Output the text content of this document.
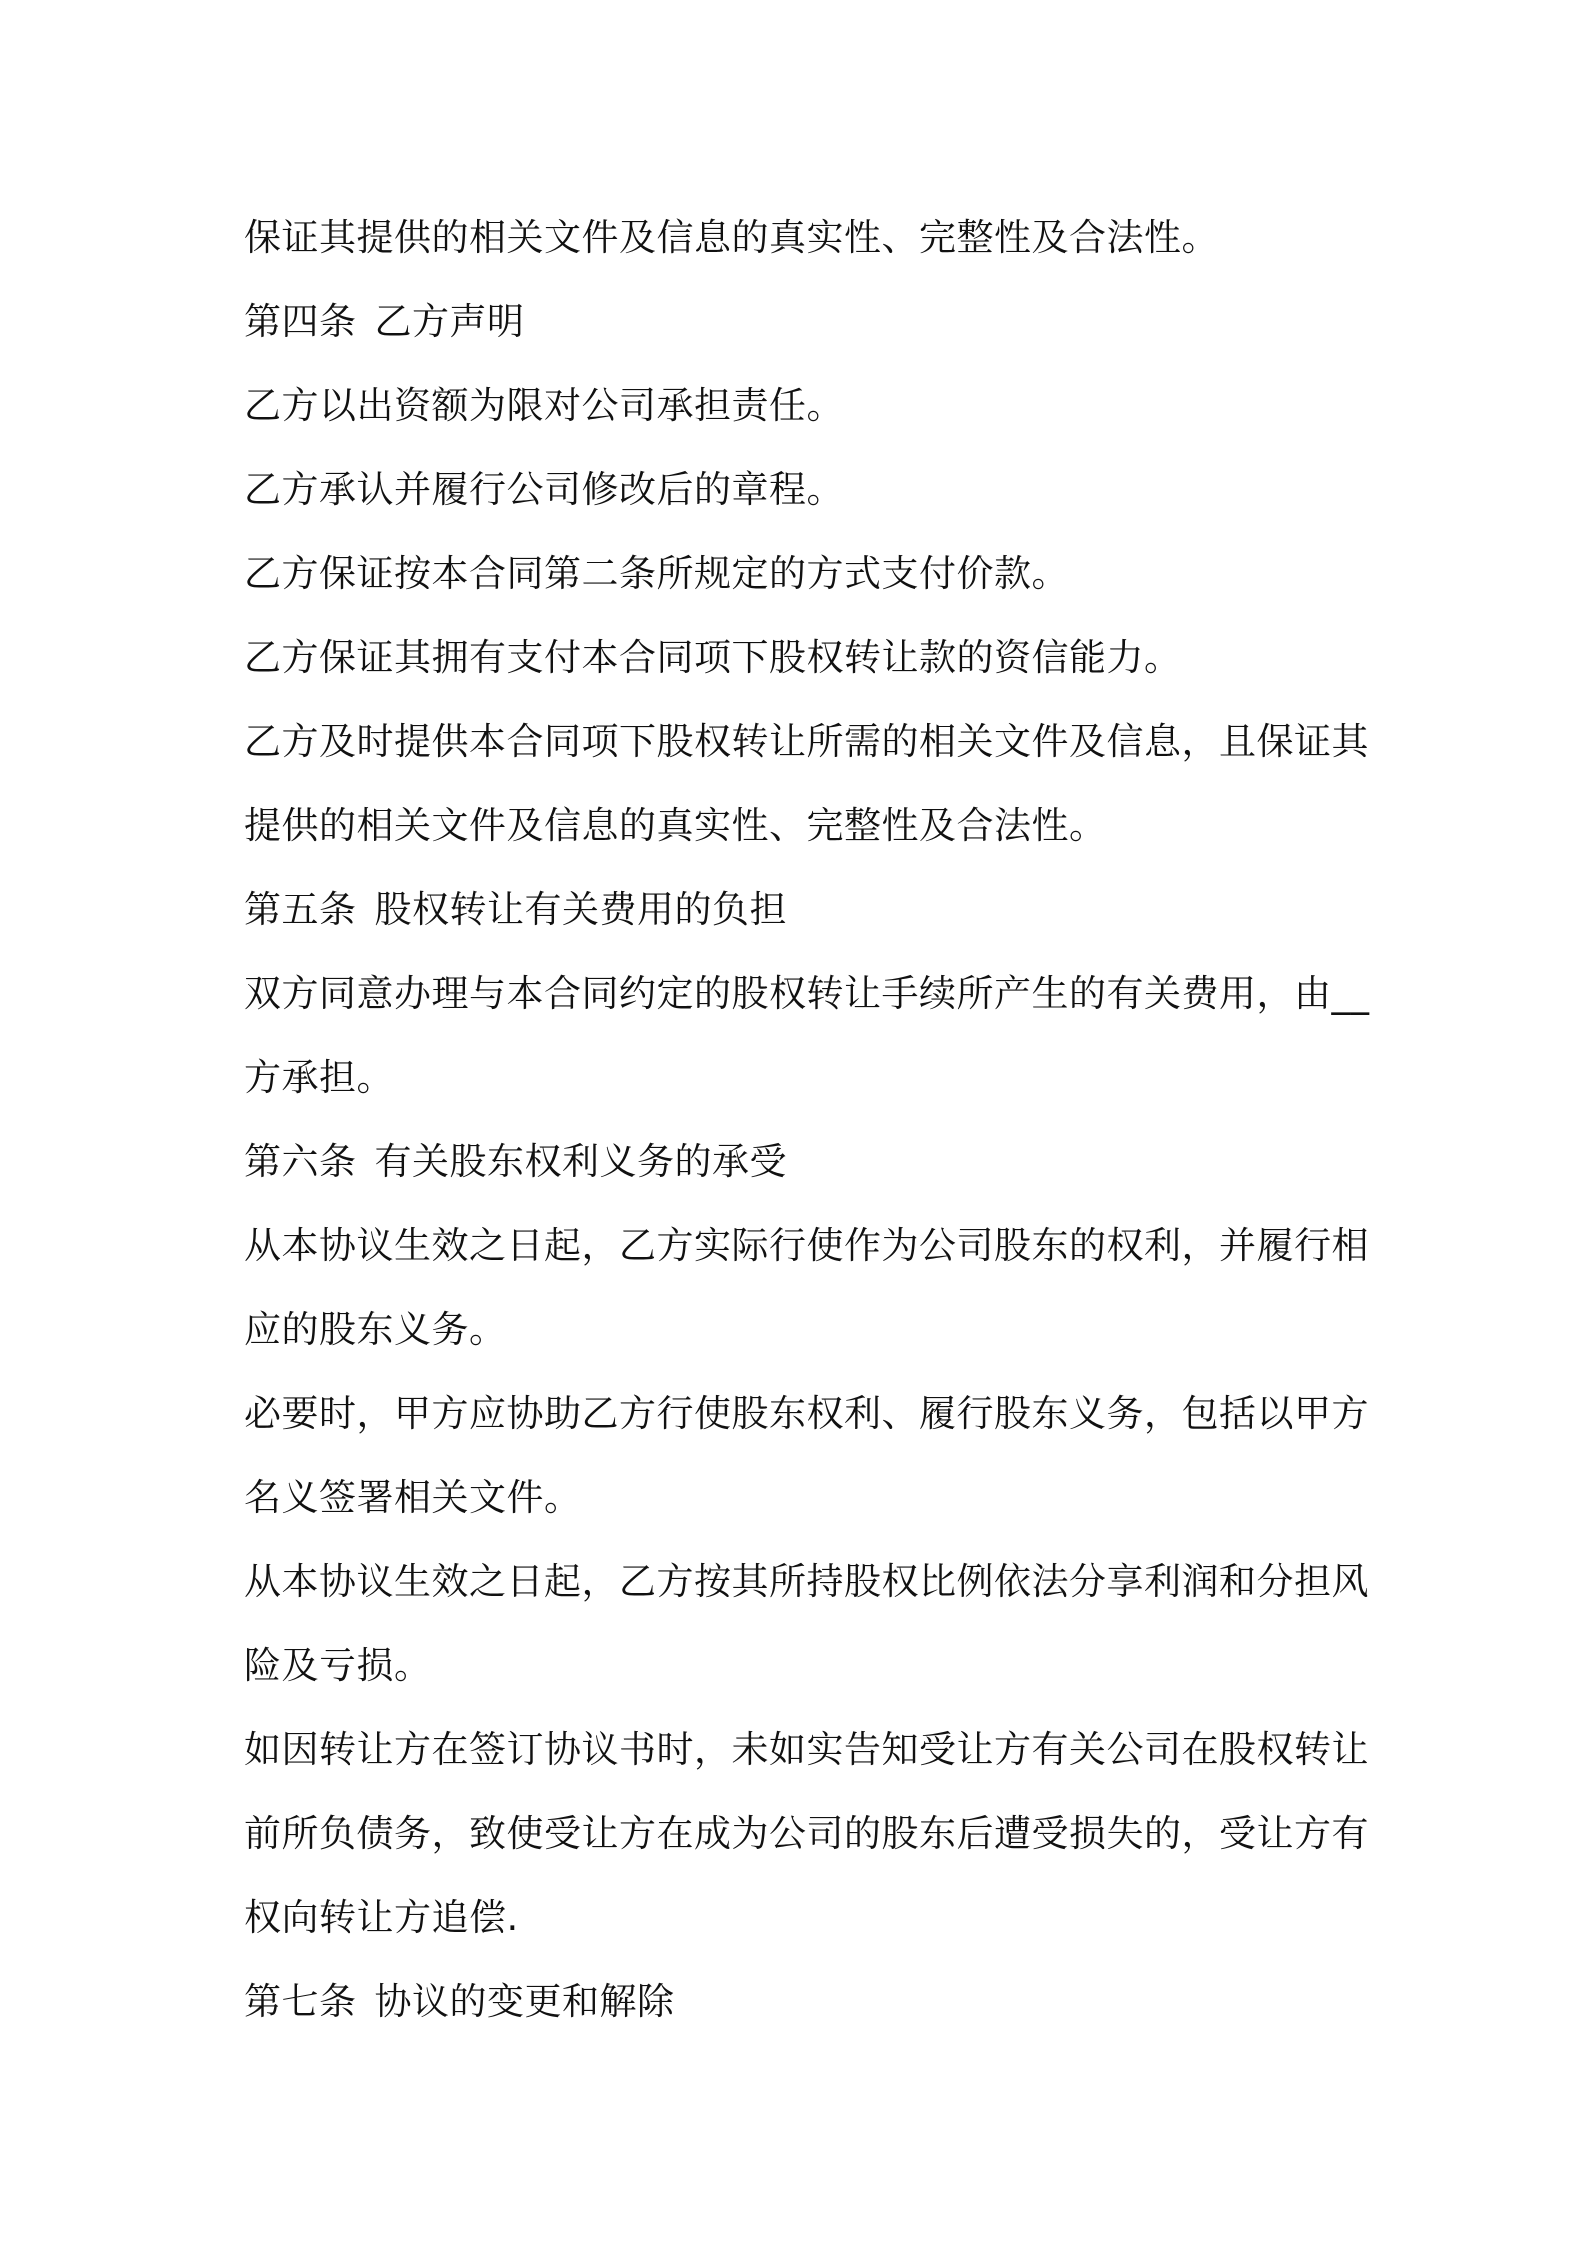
保证其提供的相关文件及信息的真实性、完整性及合法性。
第四条 乙方声明
乙方以出资额为限对公司承担责任。
乙方承认并履行公司修改后的章程。
乙方保证按本合同第二条所规定的方式支付价款。
乙方保证其拥有支付本合同项下股权转让款的资信能力。
乙方及时提供本合同项下股权转让所需的相关文件及信息，且保证其
提供的相关文件及信息的真实性、完整性及合法性。
第五条 股权转让有关费用的负担
双方同意办理与本合同约定的股权转让手续所产生的有关费用，由__
方承担。
第六条 有关股东权利义务的承受
从本协议生效之日起，乙方实际行使作为公司股东的权利，并履行相
应的股东义务。
必要时，甲方应协助乙方行使股东权利、履行股东义务，包括以甲方
名义签署相关文件。
从本协议生效之日起，乙方按其所持股权比例依法分享利润和分担风
险及亏损。
如因转让方在签订协议书时，未如实告知受让方有关公司在股权转让
前所负债务，致使受让方在成为公司的股东后遭受损失的，受让方有
权向转让方追偿.
第七条 协议的变更和解除
